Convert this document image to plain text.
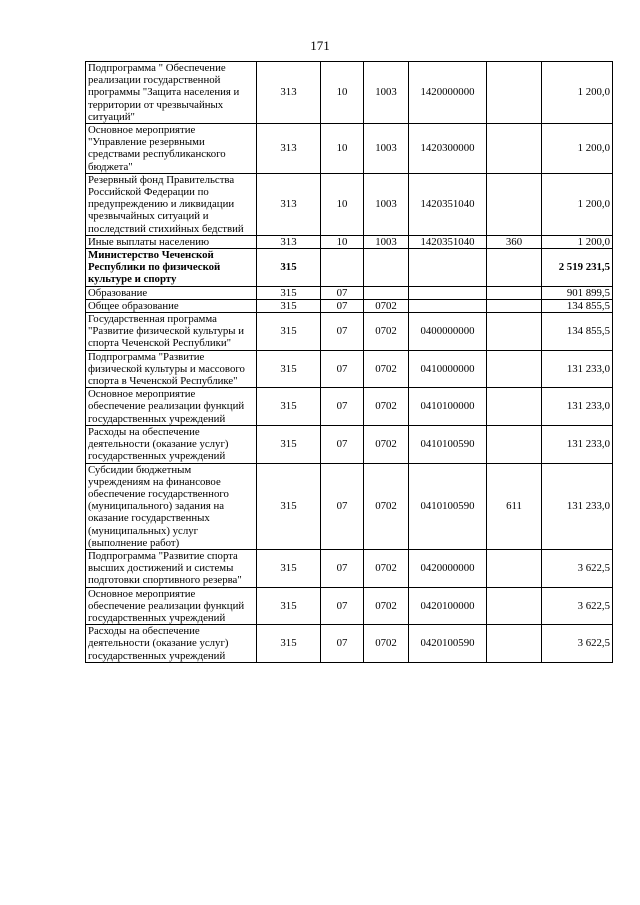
171
Подпрограмма " Обеспечение реализации государственной программы "Защита населения и территории от чрезвычайных ситуаций"	313	10	1003	1420000000		1 200,0
Основное мероприятие "Управление резервными средствами республиканского бюджета"	313	10	1003	1420300000		1 200,0
Резервный фонд Правительства Российской Федерации по предупреждению и ликвидации чрезвычайных ситуаций и последствий стихийных бедствий	313	10	1003	1420351040		1 200,0
Иные выплаты населению	313	10	1003	1420351040	360	1 200,0
Министерство Чеченской Республики по физической культуре и спорту	315					2 519 231,5
Образование	315	07				901 899,5
Общее образование	315	07	0702			134 855,5
Государственная программа "Развитие физической культуры и спорта Чеченской Республики"	315	07	0702	0400000000		134 855,5
Подпрограмма "Развитие физической культуры и массового спорта в Чеченской Республике"	315	07	0702	0410000000		131 233,0
Основное мероприятие обеспечение реализации функций государственных учреждений	315	07	0702	0410100000		131 233,0
Расходы на обеспечение деятельности (оказание услуг) государственных учреждений	315	07	0702	0410100590		131 233,0
Субсидии бюджетным учреждениям на финансовое обеспечение государственного (муниципального) задания на оказание государственных (муниципальных) услуг (выполнение работ)	315	07	0702	0410100590	611	131 233,0
Подпрограмма "Развитие спорта высших достижений и системы подготовки спортивного резерва"	315	07	0702	0420000000		3 622,5
Основное мероприятие обеспечение реализации функций государственных учреждений	315	07	0702	0420100000		3 622,5
Расходы на обеспечение деятельности (оказание услуг) государственных учреждений	315	07	0702	0420100590		3 622,5
